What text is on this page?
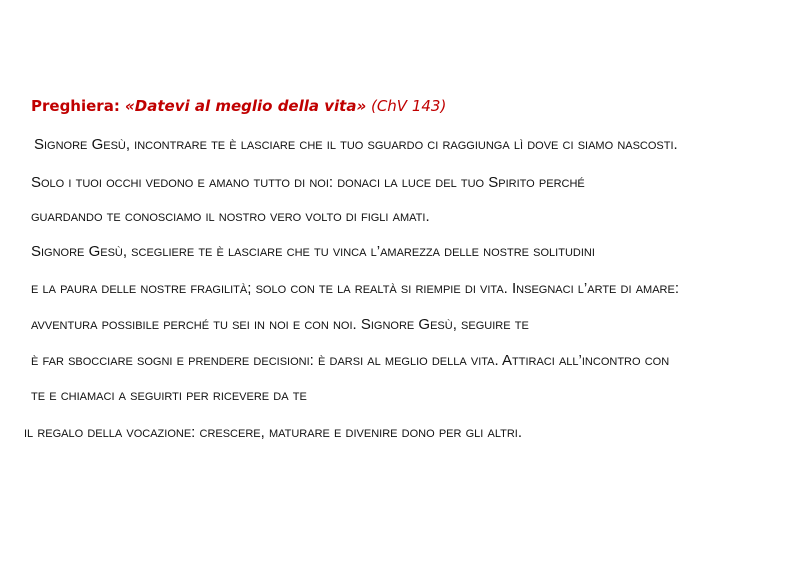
Preghiera: «Datevi al meglio della vita» (ChV 143)
Signore Gesù, incontrare te è lasciare che il tuo sguardo ci raggiunga lì dove ci siamo nascosti.
Solo i tuoi occhi vedono e amano tutto di noi: donaci la luce del tuo Spirito perché
guardando te conosciamo il nostro vero volto di figli amati.
Signore Gesù, scegliere te è lasciare che tu vinca l’amarezza delle nostre solitudini
e la paura delle nostre fragilità; solo con te la realtà si riempie di vita. Insegnaci l’arte di amare:
avventura possibile perché tu sei in noi e con noi. Signore Gesù, seguire te
è far sbocciare sogni e prendere decisioni: è darsi al meglio della vita. Attiraci all’incontro con
te e chiamaci a seguirti per ricevere da te
il regalo della vocazione: crescere, maturare e divenire dono per gli altri.
